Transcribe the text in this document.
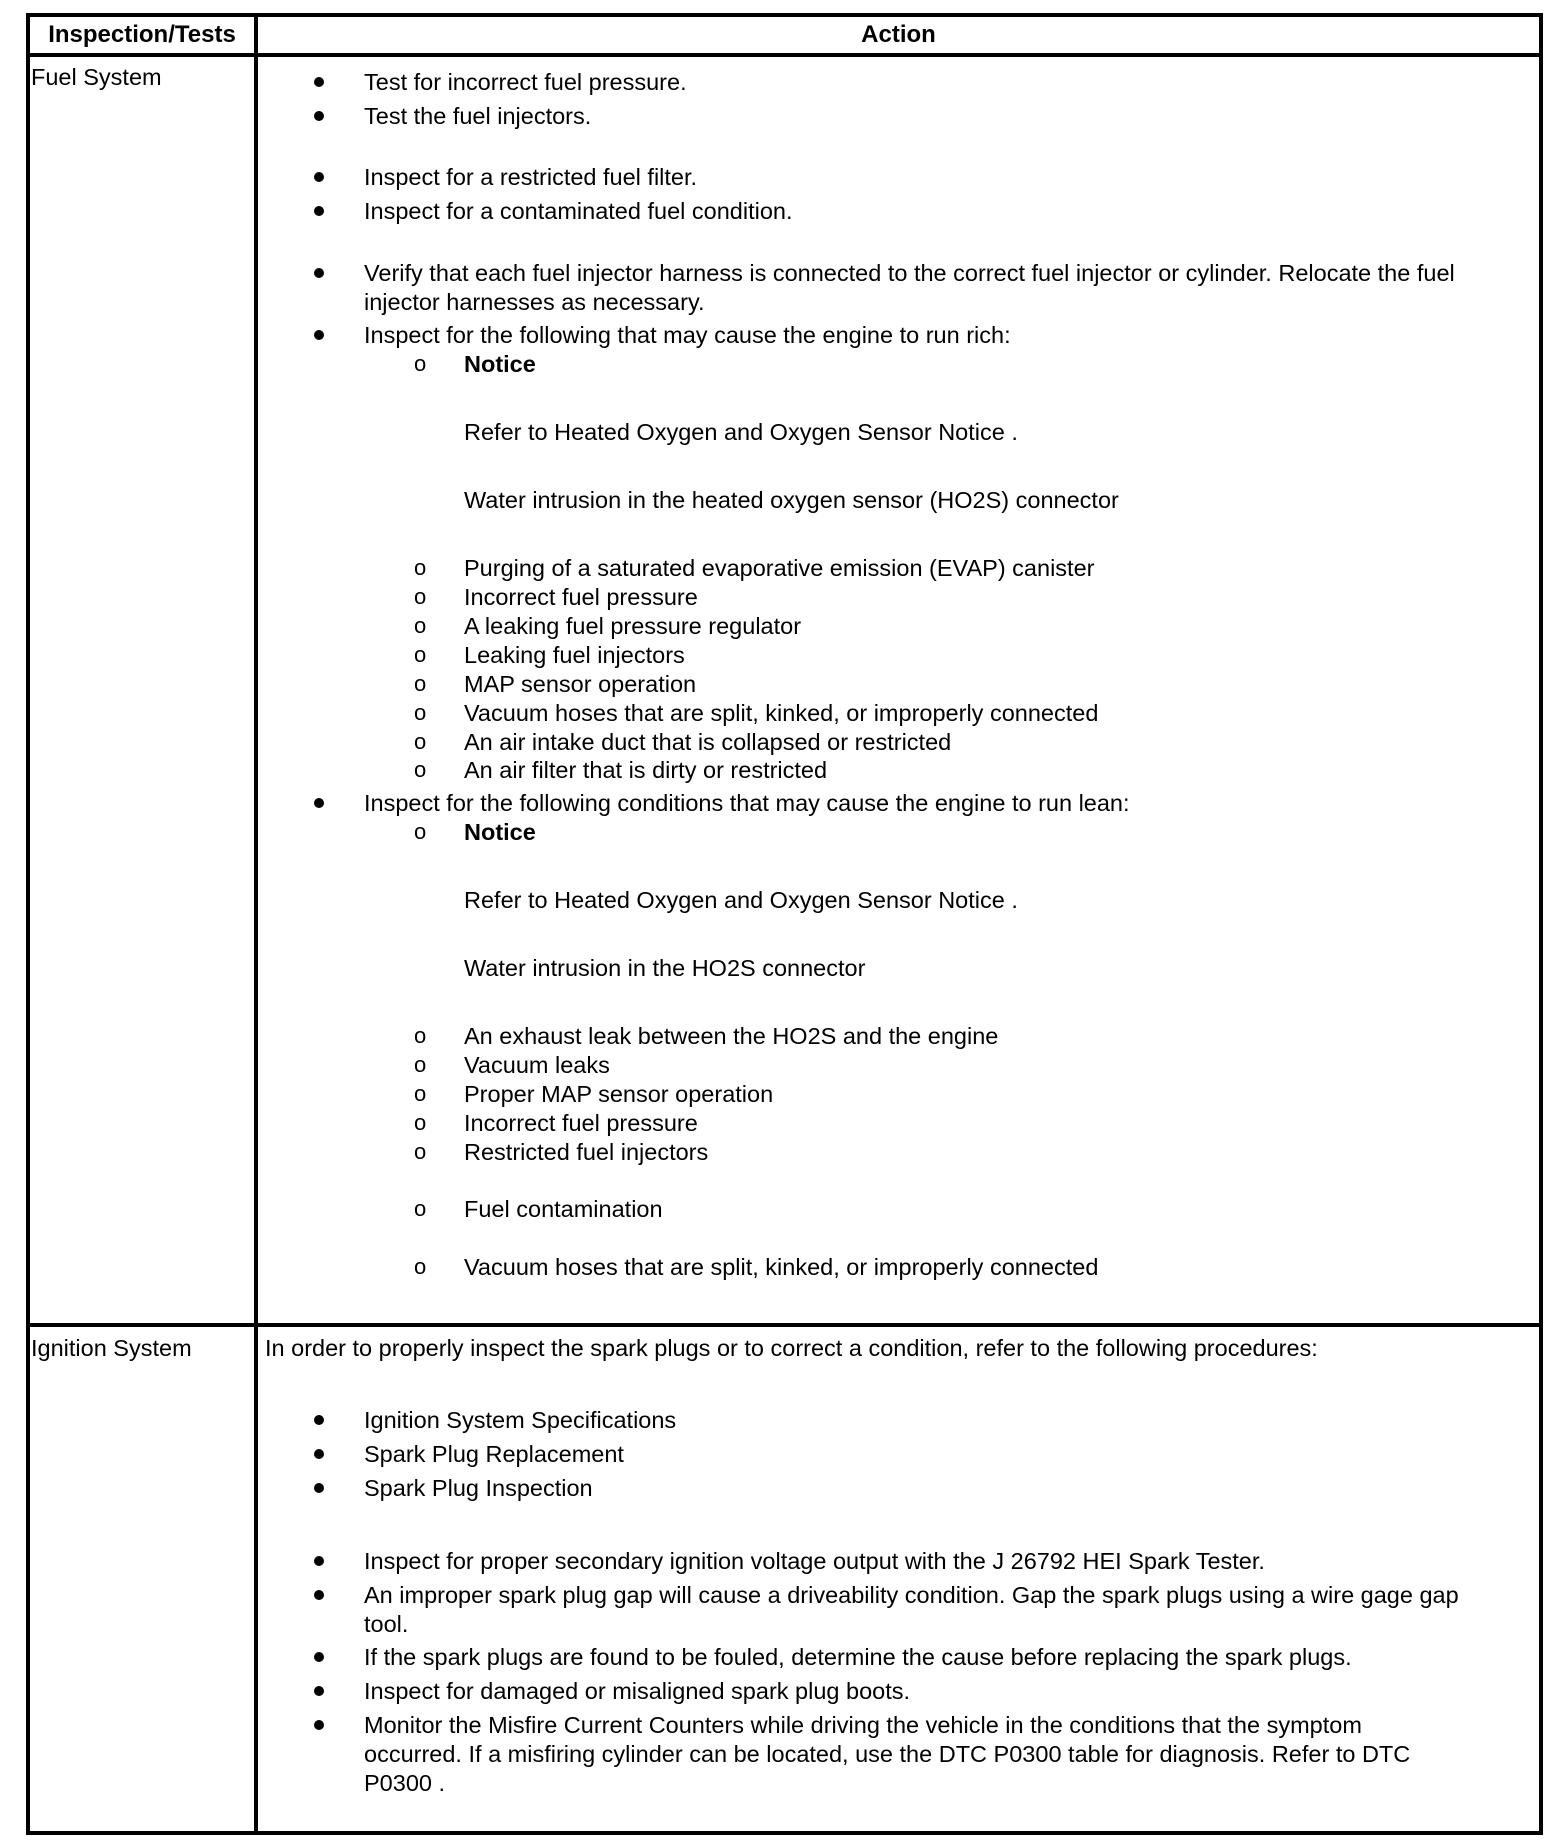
Inspection/Tests	Action
Fuel System	Test for incorrect fuel pressure.
Test the fuel injectors.
Inspect for a restricted fuel filter.
Inspect for a contaminated fuel condition.
Verify that each fuel injector harness is connected to the correct fuel injector or cylinder. Relocate the fuel
injector harnesses as necessary.
Inspect for the following that may cause the engine to run rich:
o Notice
Refer to Heated Oxygen and Oxygen Sensor Notice .
Water intrusion in the heated oxygen sensor (HO2S) connector
o Purging of a saturated evaporative emission (EVAP) canister
o Incorrect fuel pressure
o A leaking fuel pressure regulator
o Leaking fuel injectors
o MAP sensor operation
o Vacuum hoses that are split, kinked, or improperly connected
o An air intake duct that is collapsed or restricted
o An air filter that is dirty or restricted
Inspect for the following conditions that may cause the engine to run lean:
o Notice
Refer to Heated Oxygen and Oxygen Sensor Notice .
Water intrusion in the HO2S connector
o An exhaust leak between the HO2S and the engine
o Vacuum leaks
o Proper MAP sensor operation
o Incorrect fuel pressure
o Restricted fuel injectors
o Fuel contamination
o Vacuum hoses that are split, kinked, or improperly connected
Ignition System	In order to properly inspect the spark plugs or to correct a condition, refer to the following procedures:
Ignition System Specifications
Spark Plug Replacement
Spark Plug Inspection
Inspect for proper secondary ignition voltage output with the J 26792 HEI Spark Tester.
An improper spark plug gap will cause a driveability condition. Gap the spark plugs using a wire gage gap
tool.
If the spark plugs are found to be fouled, determine the cause before replacing the spark plugs.
Inspect for damaged or misaligned spark plug boots.
Monitor the Misfire Current Counters while driving the vehicle in the conditions that the symptom
occurred. If a misfiring cylinder can be located, use the DTC P0300 table for diagnosis. Refer to DTC
P0300 .
